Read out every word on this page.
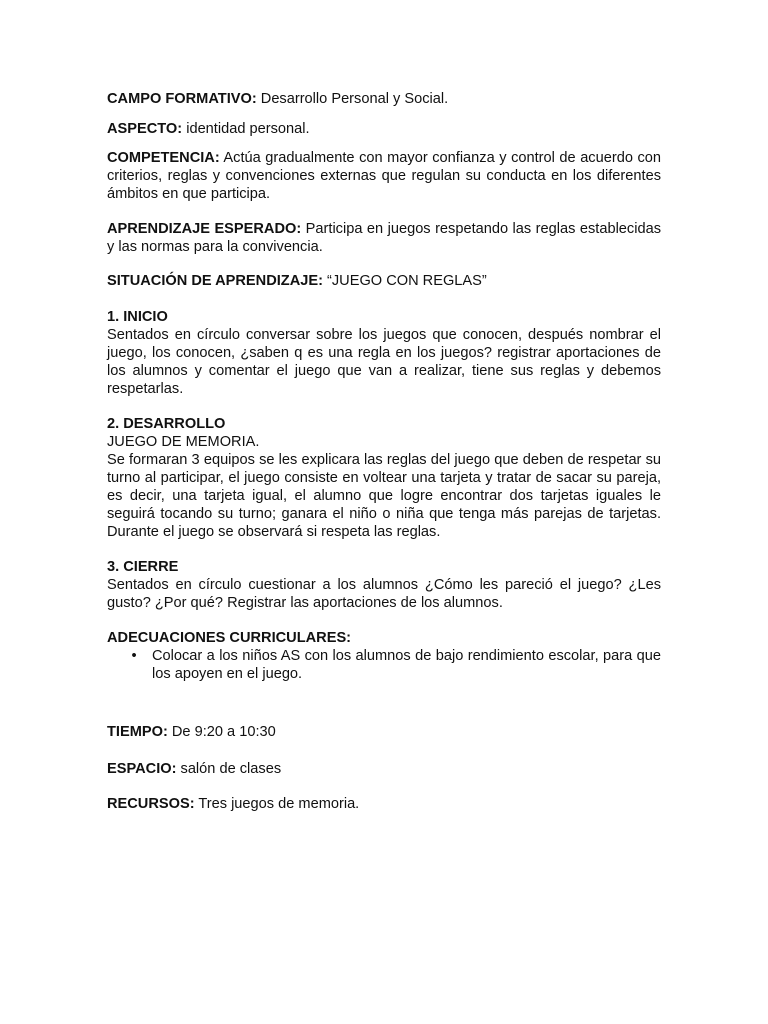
CAMPO FORMATIVO: Desarrollo Personal y Social.

ASPECTO: identidad personal.

COMPETENCIA: Actúa gradualmente con mayor confianza y control de acuerdo con criterios, reglas y convenciones externas que regulan su conducta en los diferentes ámbitos en que participa.

APRENDIZAJE ESPERADO: Participa en juegos respetando las reglas establecidas y las normas para la convivencia.

SITUACIÓN DE APRENDIZAJE: “JUEGO CON REGLAS”

1. INICIO

Sentados en círculo conversar sobre los juegos que conocen, después nombrar el juego, los conocen, ¿saben q es una regla en los juegos? registrar aportaciones de los alumnos y comentar el juego que van a realizar, tiene sus reglas y debemos respetarlas.

2. DESARROLLO

JUEGO DE MEMORIA.

Se formaran 3 equipos se les explicara las reglas del juego que deben de respetar su turno al participar, el juego consiste en voltear una tarjeta y tratar de sacar su pareja, es decir, una tarjeta igual, el alumno que logre encontrar dos tarjetas iguales le seguirá tocando su turno; ganara el niño o niña que tenga más parejas de tarjetas. Durante el juego se observará si respeta las reglas.

3. CIERRE

Sentados en círculo cuestionar a los alumnos ¿Cómo les pareció el juego? ¿Les gusto? ¿Por qué? Registrar las aportaciones de los alumnos.

ADECUACIONES CURRICULARES:

• Colocar a los niños AS con los alumnos de bajo rendimiento escolar, para que los apoyen en el juego.

TIEMPO: De 9:20 a 10:30

ESPACIO: salón de clases

RECURSOS: Tres juegos de memoria.
